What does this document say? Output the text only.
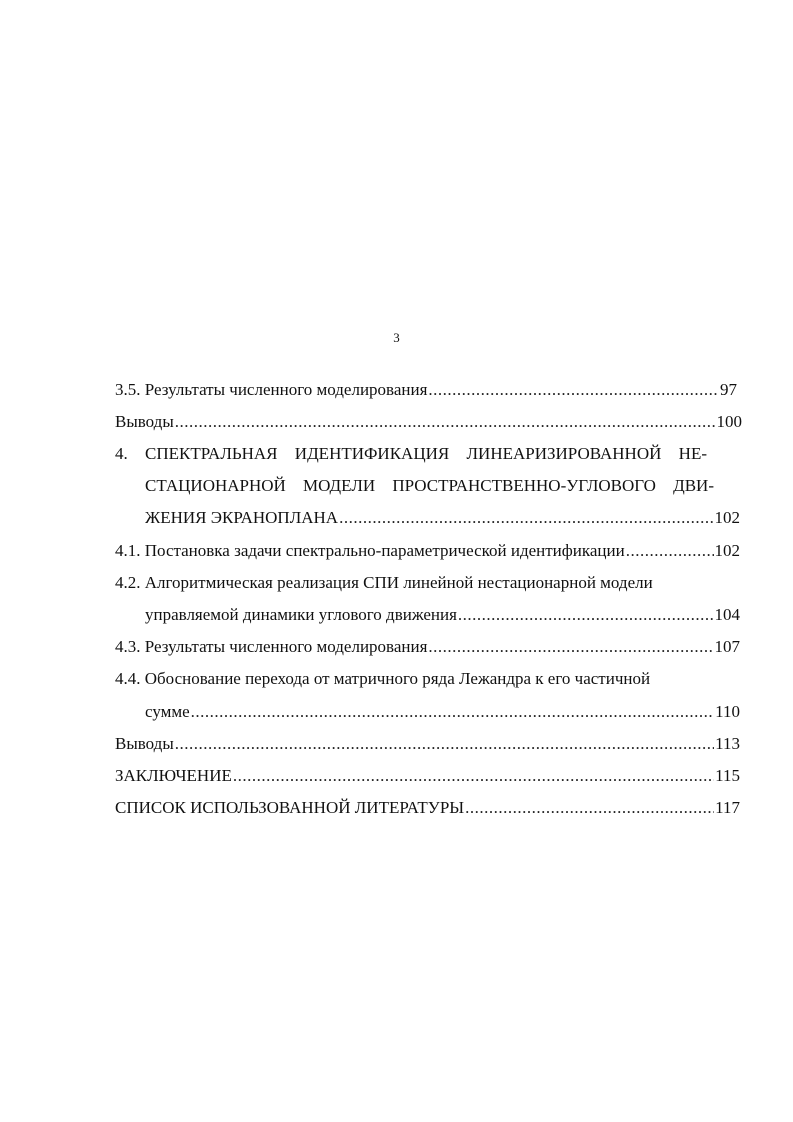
3
3.5. Результаты численного моделирования .....	97
Выводы .....	100
4. СПЕКТРАЛЬНАЯ ИДЕНТИФИКАЦИЯ ЛИНЕАРИЗИРОВАННОЙ НЕ-
СТАЦИОНАРНОЙ МОДЕЛИ ПРОСТРАНСТВЕННО-УГЛОВОГО ДВИ-
ЖЕНИЯ ЭКРАНОПЛАНА .....	102
4.1. Постановка задачи спектрально-параметрической идентификации .....	102
4.2. Алгоритмическая реализация СПИ линейной нестационарной модели
управляемой динамики углового движения .....	104
4.3. Результаты численного моделирования .....	107
4.4. Обоснование перехода от матричного ряда Лежандра к его частичной
сумме .....	110
Выводы .....	113
ЗАКЛЮЧЕНИЕ .....	115
СПИСОК ИСПОЛЬЗОВАННОЙ ЛИТЕРАТУРЫ .....	117
